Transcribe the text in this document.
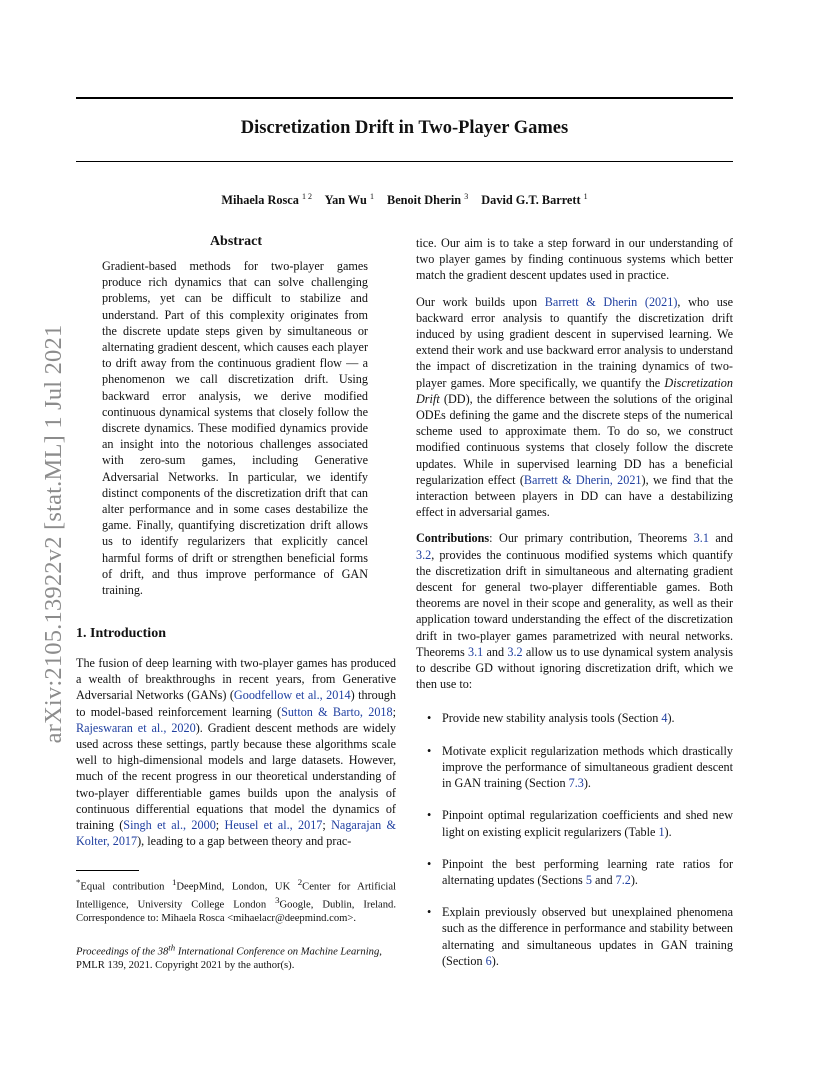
Discretization Drift in Two-Player Games
Mihaela Rosca $^{1 2}$ Yan Wu $^1$ Benoit Dherin $^3$ David G.T. Barrett $^1$
arXiv:2105.13922v2 [stat.ML] 1 Jul 2021
Abstract
Gradient-based methods for two-player games produce rich dynamics that can solve challenging problems, yet can be difficult to stabilize and understand. Part of this complexity originates from the discrete update steps given by simultaneous or alternating gradient descent, which causes each player to drift away from the continuous gradient flow — a phenomenon we call discretization drift. Using backward error analysis, we derive modified continuous dynamical systems that closely follow the discrete dynamics. These modified dynamics provide an insight into the notorious challenges associated with zero-sum games, including Generative Adversarial Networks. In particular, we identify distinct components of the discretization drift that can alter performance and in some cases destabilize the game. Finally, quantifying discretization drift allows us to identify regularizers that explicitly cancel harmful forms of drift or strengthen beneficial forms of drift, and thus improve performance of GAN training.
1. Introduction

The fusion of deep learning with two-player games has produced a wealth of breakthroughs in recent years, from Generative Adversarial Networks (GANs) (Goodfellow et al., 2014) through to model-based reinforcement learning (Sutton & Barto, 2018; Rajeswaran et al., 2020). Gradient descent methods are widely used across these settings, partly because these algorithms scale well to high-dimensional models and large datasets. However, much of the recent progress in our theoretical understanding of two-player differentiable games builds upon the analysis of continuous differential equations that model the dynamics of training (Singh et al., 2000; Heusel et al., 2017; Nagarajan & Kolter, 2017), leading to a gap between theory and prac-

*Equal contribution $^1$DeepMind, London, UK $^2$Center for Artificial Intelligence, University College London $^3$Google, Dublin, Ireland. Correspondence to: Mihaela Rosca <mihaelacr@deepmind.com>.
Proceedings of the 38th International Conference on Machine Learning, PMLR 139, 2021. Copyright 2021 by the author(s).

tice. Our aim is to take a step forward in our understanding of two player games by finding continuous systems which better match the gradient descent updates used in practice.

Our work builds upon Barrett & Dherin (2021), who use backward error analysis to quantify the discretization drift induced by using gradient descent in supervised learning. We extend their work and use backward error analysis to understand the impact of discretization in the training dynamics of two-player games. More specifically, we quantify the Discretization Drift (DD), the difference between the solutions of the original ODEs defining the game and the discrete steps of the numerical scheme used to approximate them. To do so, we construct modified continuous systems that closely follow the discrete updates. While in supervised learning DD has a beneficial regularization effect (Barrett & Dherin, 2021), we find that the interaction between players in DD can have a destabilizing effect in adversarial games.

Contributions: Our primary contribution, Theorems 3.1 and 3.2, provides the continuous modified systems which quantify the discretization drift in simultaneous and alternating gradient descent for general two-player differentiable games. Both theorems are novel in their scope and generality, as well as their application toward understanding the effect of the discretization drift in two-player games parametrized with neural networks. Theorems 3.1 and 3.2 allow us to use dynamical system analysis to describe GD without ignoring discretization drift, which we then use to:

• Provide new stability analysis tools (Section 4).
• Motivate explicit regularization methods which drastically improve the performance of simultaneous gradient descent in GAN training (Section 7.3).
• Pinpoint optimal regularization coefficients and shed new light on existing explicit regularizers (Table 1).
• Pinpoint the best performing learning rate ratios for alternating updates (Sections 5 and 7.2).
• Explain previously observed but unexplained phenomena such as the difference in performance and stability between alternating and simultaneous updates in GAN training (Section 6).
